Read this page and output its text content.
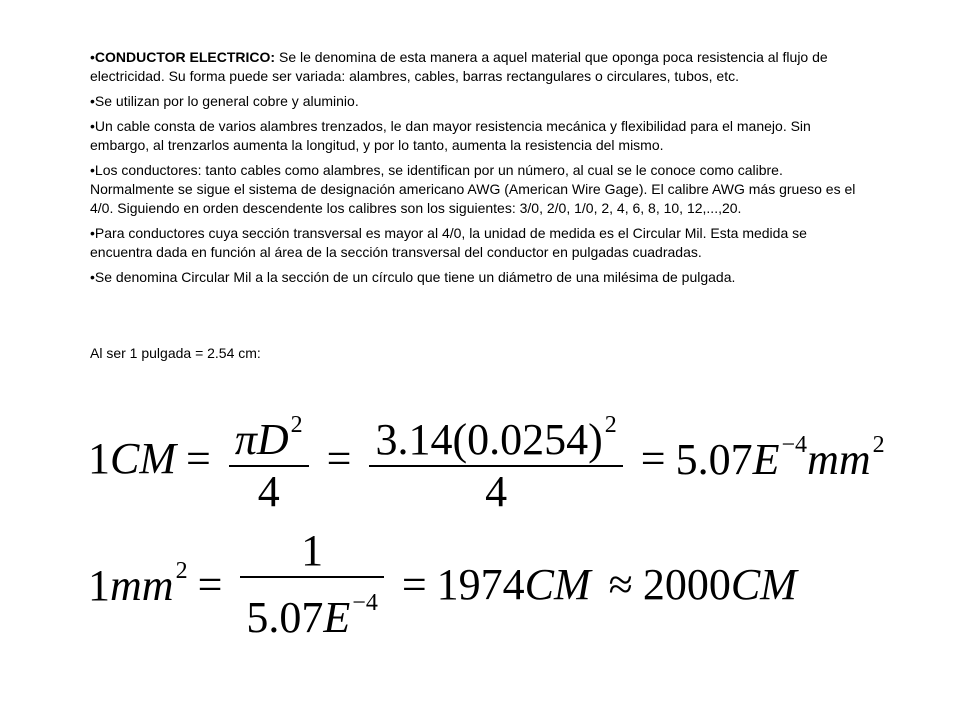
•CONDUCTOR ELECTRICO: Se le denomina de esta manera a aquel material que oponga poca resistencia al flujo de electricidad. Su forma puede ser variada: alambres, cables, barras rectangulares o circulares, tubos, etc.

•Se utilizan por lo general cobre y aluminio.

•Un cable consta de varios alambres trenzados, le dan mayor resistencia mecánica y flexibilidad para el manejo. Sin embargo, al trenzarlos aumenta la longitud, y por lo tanto, aumenta la resistencia del mismo.

•Los conductores: tanto cables como alambres, se identifican por un número, al cual se le conoce como calibre. Normalmente se sigue el sistema de designación americano AWG (American Wire Gage). El calibre AWG más grueso es el 4/0. Siguiendo en orden descendente los calibres son los siguientes: 3/0, 2/0, 1/0, 2, 4, 6, 8, 10, 12,...,20.

•Para conductores cuya sección transversal es mayor al 4/0, la unidad de medida es el Circular Mil. Esta medida se encuentra dada en función al área de la sección transversal del conductor en pulgadas cuadradas.

•Se denomina Circular Mil a la sección de un círculo que tiene un diámetro de una milésima de pulgada.

Al ser 1 pulgada = 2.54 cm:
1 CM = $\frac{\pi D^2}{4} = \frac{3.14(0.0254)^2}{4} = 5.07E^{-4}mm^2$
$1mm^2 = \frac{1}{5.07E^{-4}} = 1974CM \approx 2000CM$
